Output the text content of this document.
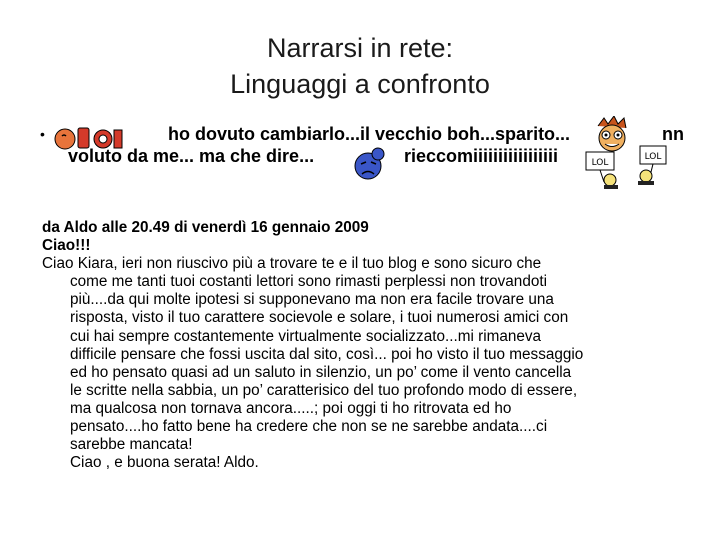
Narrarsi in rete:
Linguaggi a confronto
•	ho dovuto cambiarlo...il vecchio boh...sparito...	nn
voluto da me... ma che dire...	rieccomiiiiiiiiiiiiiiiii	LOL
LOL
da Aldo alle 20.49 di venerdì 16 gennaio 2009
Ciao!!!
Ciao Kiara, ieri non riuscivo più a trovare te e il tuo blog e sono sicuro che
come me tanti tuoi costanti lettori sono rimasti perplessi non trovandoti
più....da qui molte ipotesi si supponevano ma non era facile trovare una
risposta, visto il tuo carattere socievole e solare, i tuoi numerosi amici con
cui hai sempre costantemente virtualmente socializzato...mi rimaneva
difficile pensare che fossi uscita dal sito, così... poi ho visto il tuo messaggio
ed ho pensato quasi ad un saluto in silenzio, un po’ come il vento cancella
le scritte nella sabbia, un po’ caratterisico del tuo profondo modo di essere,
ma qualcosa non tornava ancora.....; poi oggi ti ho ritrovata ed ho
pensato....ho fatto bene ha credere che non se ne sarebbe andata....ci
sarebbe mancata!
Ciao , e buona serata! Aldo.
